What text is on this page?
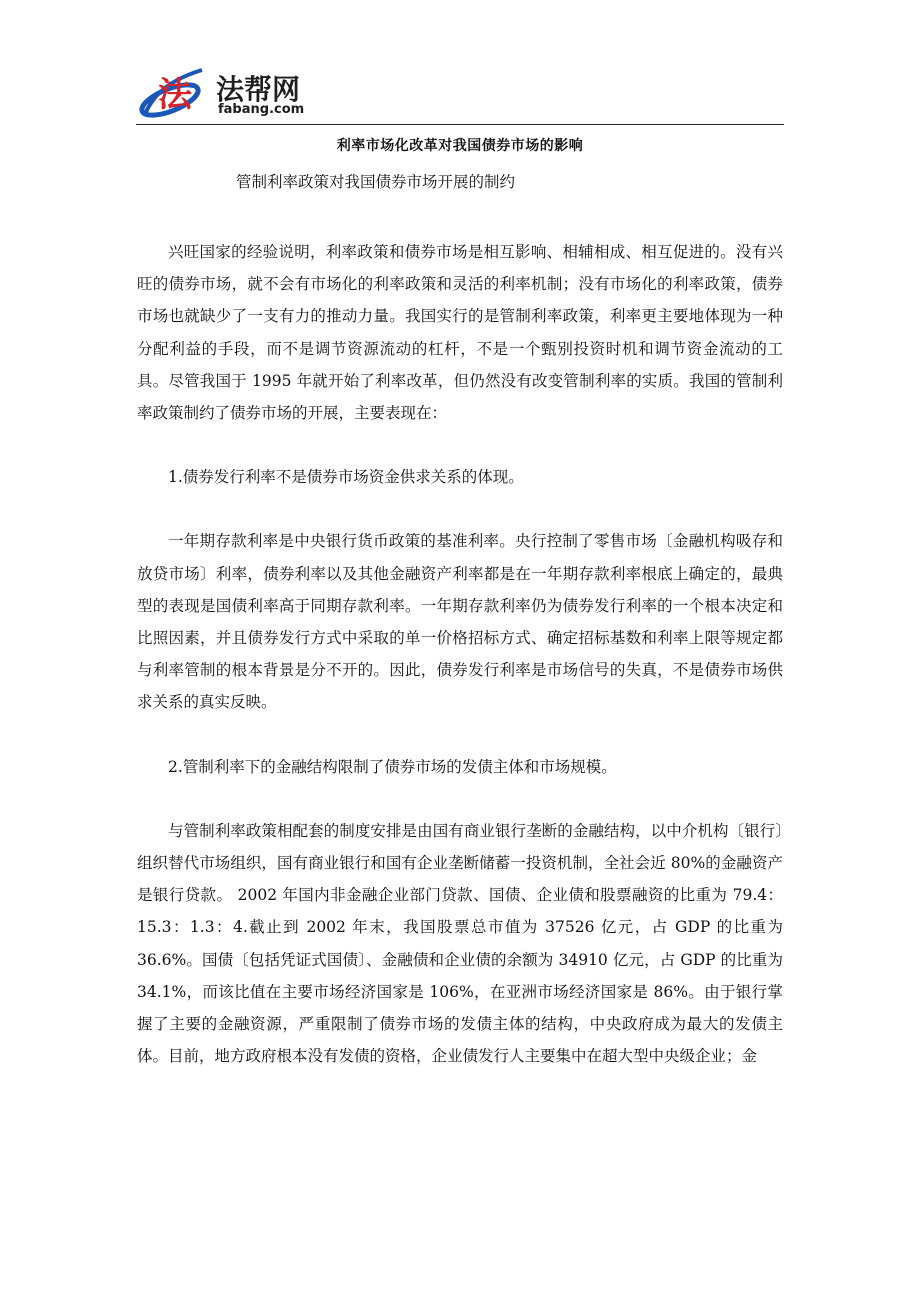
法 法帮网
fabang.com
利率市场化改革对我国债券市场的影响
管制利率政策对我国债券市场开展的制约

兴旺国家的经验说明，利率政策和债券市场是相互影响、相辅相成、相互促进的。没有兴旺的债券市场，就不会有市场化的利率政策和灵活的利率机制；没有市场化的利率政策，债券市场也就缺少了一支有力的推动力量。我国实行的是管制利率政策，利率更主要地体现为一种分配利益的手段，而不是调节资源流动的杠杆，不是一个甄别投资时机和调节资金流动的工具。尽管我国于 1995 年就开始了利率改革，但仍然没有改变管制利率的实质。我国的管制利率政策制约了债券市场的开展，主要表现在：

1.债券发行利率不是债券市场资金供求关系的体现。

一年期存款利率是中央银行货币政策的基准利率。央行控制了零售市场〔金融机构吸存和放贷市场〕利率，债券利率以及其他金融资产利率都是在一年期存款利率根底上确定的，最典型的表现是国债利率高于同期存款利率。一年期存款利率仍为债券发行利率的一个根本决定和比照因素，并且债券发行方式中采取的单一价格招标方式、确定招标基数和利率上限等规定都与利率管制的根本背景是分不开的。因此，债券发行利率是市场信号的失真，不是债券市场供求关系的真实反映。

2.管制利率下的金融结构限制了债券市场的发债主体和市场规模。

与管制利率政策相配套的制度安排是由国有商业银行垄断的金融结构，以中介机构〔银行〕组织替代市场组织，国有商业银行和国有企业垄断储蓄一投资机制，全社会近 80%的金融资产是银行贷款。 2002 年国内非金融企业部门贷款、国债、企业债和股票融资的比重为 79.4：15.3：1.3：4.截止到 2002 年末，我国股票总市值为 37526 亿元，占 GDP 的比重为 36.6%。国债〔包括凭证式国债〕、金融债和企业债的余额为 34910 亿元，占 GDP 的比重为 34.1%，而该比值在主要市场经济国家是 106%，在亚洲市场经济国家是 86%。由于银行掌握了主要的金融资源，严重限制了债券市场的发债主体的结构，中央政府成为最大的发债主体。目前，地方政府根本没有发债的资格，企业债发行人主要集中在超大型中央级企业；金
